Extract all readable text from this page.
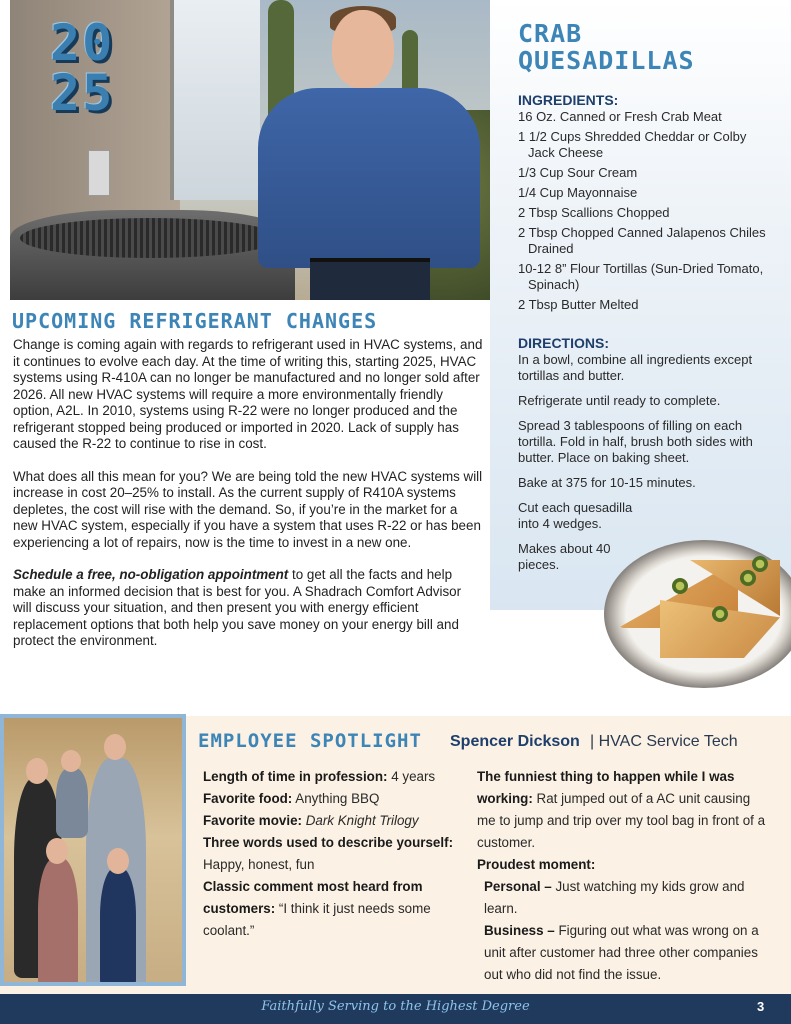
20
25
CRAB
QUESADILLAS
INGREDIENTS:
16 Oz. Canned or Fresh Crab Meat
1 1/2 Cups Shredded Cheddar or Colby Jack Cheese
1/3 Cup Sour Cream
1/4 Cup Mayonnaise
2 Tbsp Scallions Chopped
2 Tbsp Chopped Canned Jalapenos Chiles Drained
10-12 8” Flour Tortillas (Sun-Dried Tomato, Spinach)
2 Tbsp Butter Melted
DIRECTIONS:

In a bowl, combine all ingredients except tortillas and butter.

Refrigerate until ready to complete.

Spread 3 tablespoons of filling on each tortilla. Fold in half, brush both sides with butter. Place on baking sheet.

Bake at 375 for 10-15 minutes.

Cut each quesadilla into 4 wedges.

Makes about 40 pieces.

UPCOMING REFRIGERANT CHANGES

Change is coming again with regards to refrigerant used in HVAC systems, and it continues to evolve each day. At the time of writing this, starting 2025, HVAC systems using R-410A can no longer be manufactured and no longer sold after 2026. All new HVAC systems will require a more environmentally friendly option, A2L. In 2010, systems using R-22 were no longer produced and the refrigerant stopped being produced or imported in 2020. Lack of supply has caused the R-22 to continue to rise in cost.

What does all this mean for you? We are being told the new HVAC systems will increase in cost 20–25% to install. As the current supply of R410A systems depletes, the cost will rise with the demand. So, if you’re in the market for a new HVAC system, especially if you have a system that uses R-22 or has been experiencing a lot of repairs, now is the time to invest in a new one.

Schedule a free, no-obligation appointment to get all the facts and help make an informed decision that is best for you. A Shadrach Comfort Advisor will discuss your situation, and then present you with energy efficient replacement options that both help you save money on your energy bill and protect the environment.

EMPLOYEE SPOTLIGHT Spencer Dickson | HVAC Service Tech
Length of time in profession: 4 years
Favorite food: Anything BBQ
Favorite movie: Dark Knight Trilogy
Three words used to describe yourself: Happy, honest, fun
Classic comment most heard from customers: “I think it just needs some coolant.”
The funniest thing to happen while I was working: Rat jumped out of a AC unit causing me to jump and trip over my tool bag in front of a customer.
Proudest moment:
Personal – Just watching my kids grow and learn.
Business – Figuring out what was wrong on a unit after customer had three other companies out who did not find the issue.
Faithfully Serving to the Highest Degree	3
